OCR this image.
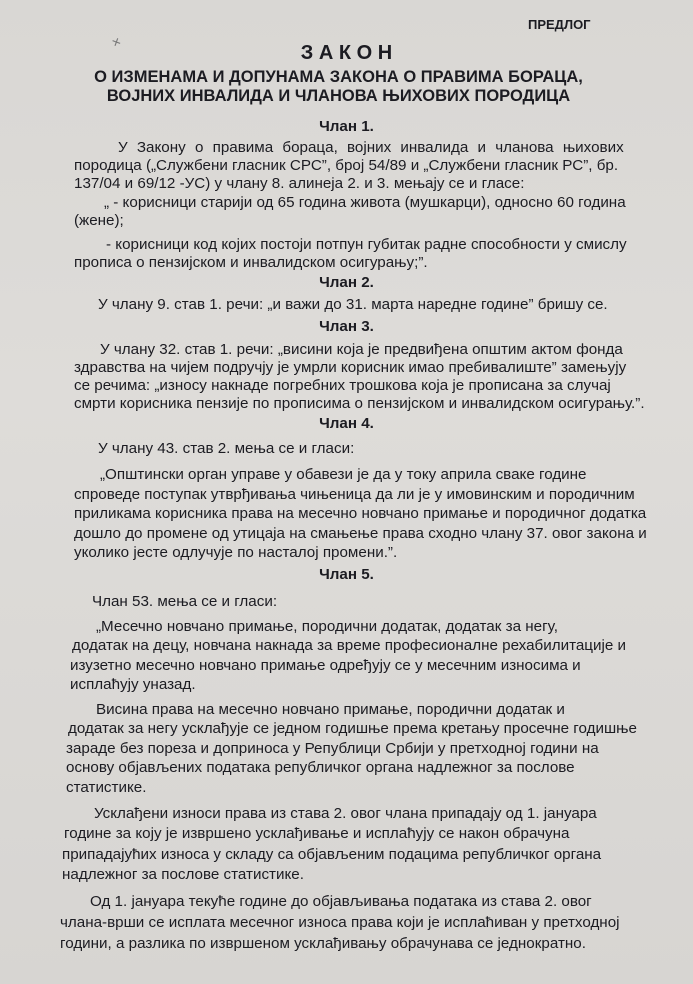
✕
ПРЕДЛОГ
З А К О Н
О ИЗМЕНАМА И ДОПУНАМА ЗАКОНА О ПРАВИМА БОРАЦА,
ВОЈНИХ ИНВАЛИДА И ЧЛАНОВА ЊИХОВИХ ПОРОДИЦА
Члан 1.
У Закону о правима бораца, војних инвалида и чланова њихових
породица („Службени гласник СРС”, број 54/89 и „Службени гласник РС”, бр.
137/04 и 69/12 -УС) у члану 8. алинеја 2. и 3. мењају се и гласе:
„ - корисници старији од 65 година живота (мушкарци), односно 60 година
(жене);
- корисници код којих постоји потпун губитак радне способности у смислу
прописа о пензијском и инвалидском осигурању;”.
Члан 2.
У члану 9. став 1. речи: „и важи до 31. марта наредне године” бришу се.
Члан 3.
У члану 32. став 1. речи: „висини која је предвиђена општим актом фонда
здравства на чијем подручју је умрли корисник имао пребивалиште” замењују
се речима: „износу накнаде погребних трошкова која је прописана за случај
смрти корисника пензије по прописима о пензијском и инвалидском осигурању.”.
Члан 4.
У члану 43. став 2. мења се и гласи:
„Општински орган управе у обавези је да у току априла сваке године
спроведе поступак утврђивања чињеница да ли је у имовинским и породичним
приликама корисника права на месечно новчано примање и породичног додатка
дошло до промене од утицаја на смањење права сходно члану 37. овог закона и
уколико јесте одлучује по насталој промени.”.
Члан 5.
Члан 53. мења се и гласи:
„Месечно новчано примање, породични додатак, додатак за негу,
додатак на децу, новчана накнада за време професионалне рехабилитације и
изузетно месечно новчано примање одређују се у месечним износима и
исплаћују уназад.
Висина права на месечно новчано примање, породични додатак и
додатак за негу усклађује се једном годишње према кретању просечне годишње
зараде без пореза и доприноса у Републици Србији у претходној години на
основу објављених података републичког органа надлежног за послове
статистике.
Усклађени износи права из става 2. овог члана припадају од 1. јануара
године за коју је извршено усклађивање и исплаћују се након обрачуна
припадајућих износа у складу са објављеним подацима републичког органа
надлежног за послове статистике.
Од 1. јануара текуће године до објављивања података из става 2. овог
члана-врши се исплата месечног износа права који је исплаћиван у претходној
години, а разлика по извршеном усклађивању обрачунава се једнократно.
